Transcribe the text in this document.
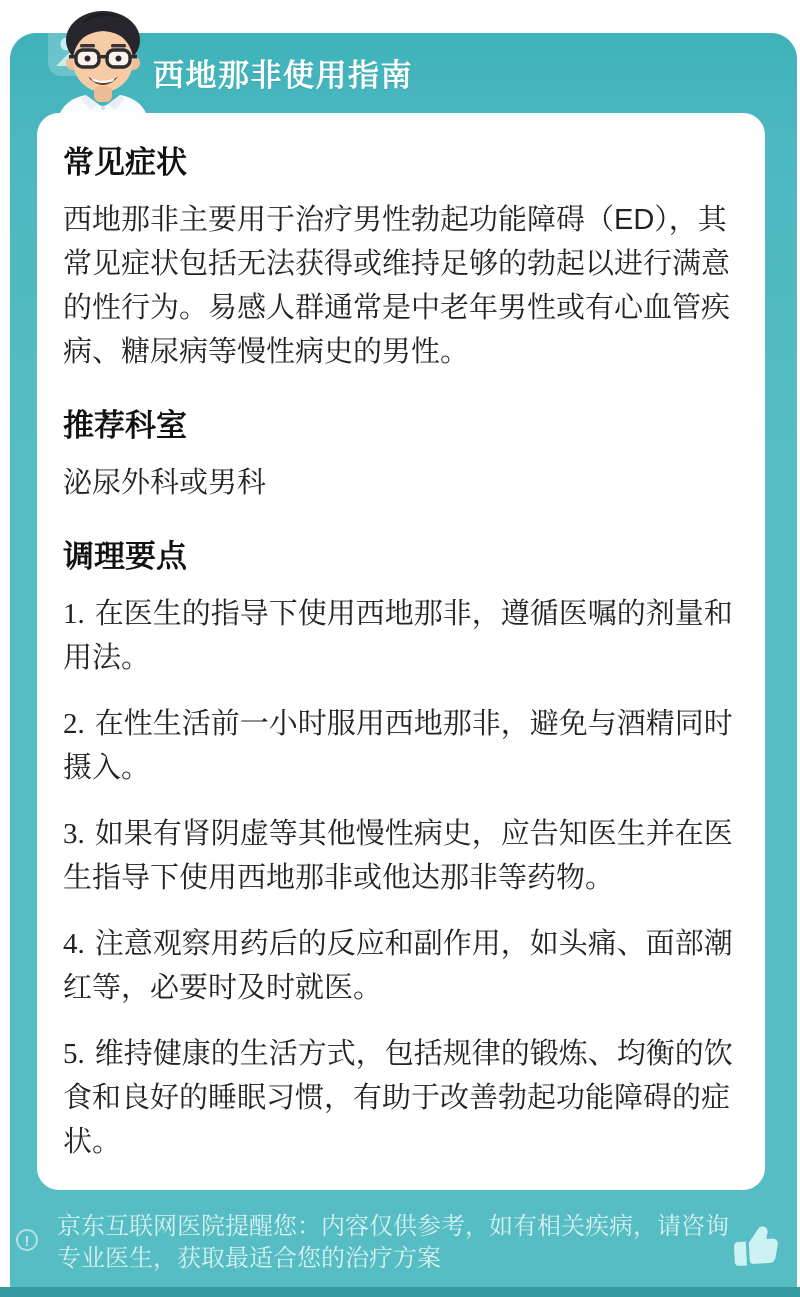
西地那非使用指南
常见症状

西地那非主要用于治疗男性勃起功能障碍（ED），其常见症状包括无法获得或维持足够的勃起以进行满意的性行为。易感人群通常是中老年男性或有心血管疾病、糖尿病等慢性病史的男性。

推荐科室

泌尿外科或男科

调理要点
1. 在医生的指导下使用西地那非，遵循医嘱的剂量和用法。
2. 在性生活前一小时服用西地那非，避免与酒精同时摄入。
3. 如果有肾阴虚等其他慢性病史，应告知医生并在医生指导下使用西地那非或他达那非等药物。
4. 注意观察用药后的反应和副作用，如头痛、面部潮红等，必要时及时就医。
5. 维持健康的生活方式，包括规律的锻炼、均衡的饮食和良好的睡眠习惯，有助于改善勃起功能障碍的症状。
!
京东互联网医院提醒您：内容仅供参考，如有相关疾病，请咨询专业医生，获取最适合您的治疗方案
